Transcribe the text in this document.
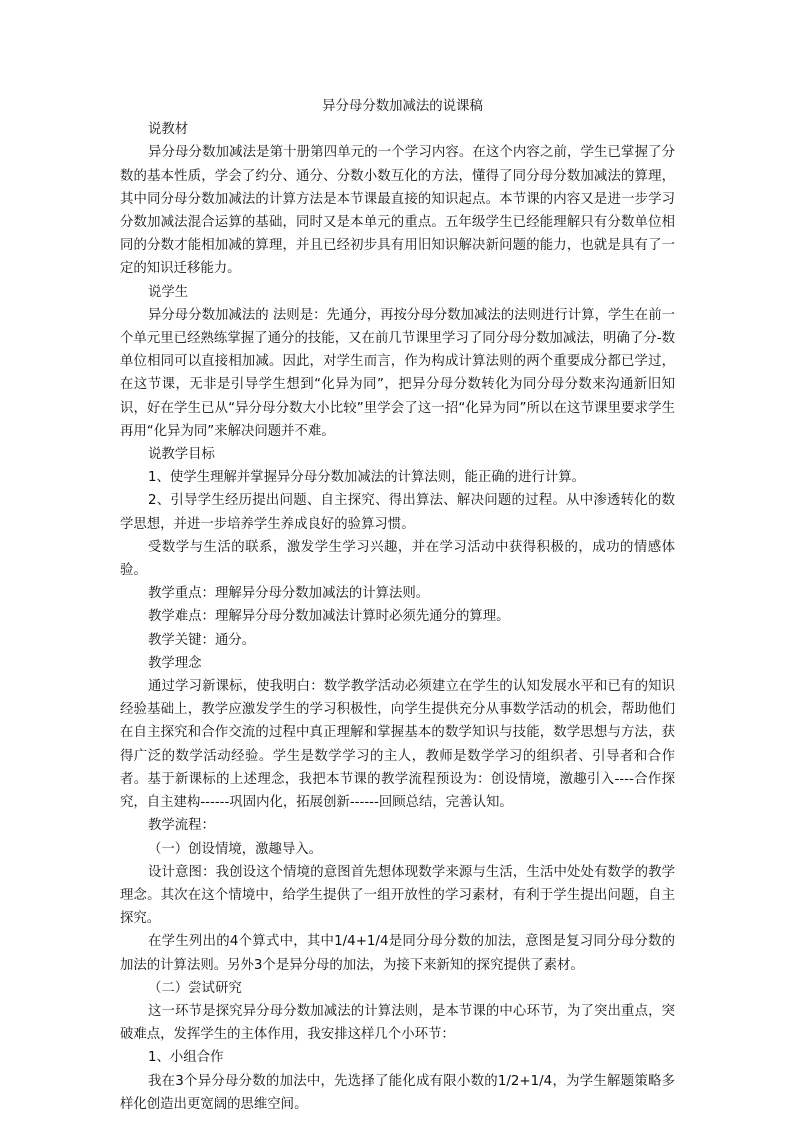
异分母分数加减法的说课稿

说教材

异分母分数加减法是第十册第四单元的一个学习内容。在这个内容之前，学生已掌握了分数的基本性质，学会了约分、通分、分数小数互化的方法，懂得了同分母分数加减法的算理， 其中同分母分数加减法的计算方法是本节课最直接的知识起点。本节课的内容又是进一步学习分数加减法混合运算的基础，同时又是本单元的重点。五年级学生已经能理解只有分数单位相同的分数才能相加减的算理，并且已经初步具有用旧知识解决新问题的能力，也就是具有了一定的知识迁移能力。

说学生

异分母分数加减法的 法则是：先通分，再按分母分数加减法的法则进行计算，学生在前一个单元里已经熟练掌握了通分的技能，又在前几节课里学习了同分母分数加减法，明确了分-数单位相同可以直接相加减。因此，对学生而言，作为构成计算法则的两个重要成分都已学过，在这节课，无非是引导学生想到“化异为同”，把异分母分数转化为同分母分数来沟通新旧知识，好在学生已从“异分母分数大小比较”里学会了这一招“化异为同”所以在这节课里要求学生再用“化异为同”来解决问题并不难。

说教学目标

1、使学生理解并掌握异分母分数加减法的计算法则，能正确的进行计算。

2、引导学生经历提出问题、自主探究、得出算法、解决问题的过程。从中渗透转化的数学思想，并进一步培养学生养成良好的验算习惯。

受数学与生活的联系，激发学生学习兴趣，并在学习活动中获得积极的，成功的情感体验。

教学重点：理解异分母分数加减法的计算法则。

教学难点：理解异分母分数加减法计算时必须先通分的算理。

教学关键：通分。

教学理念

通过学习新课标，使我明白：数学教学活动必须建立在学生的认知发展水平和已有的知识经验基础上，教学应激发学生的学习积极性，向学生提供充分从事数学活动的机会，帮助他们在自主探究和合作交流的过程中真正理解和掌握基本的数学知识与技能，数学思想与方法，获得广泛的数学活动经验。学生是数学学习的主人，教师是数学学习的组织者、引导者和合作者。基于新课标的上述理念，我把本节课的教学流程预设为：创设情境，激趣引入----合作探究，自主建构------巩固内化，拓展创新------回顾总结，完善认知。

教学流程：

（一）创设情境，激趣导入。

设计意图：我创设这个情境的意图首先想体现数学来源与生活，生活中处处有数学的教学理念。其次在这个情境中，给学生提供了一组开放性的学习素材，有利于学生提出问题，自主探究。

在学生列出的4个算式中，其中1/4+1/4是同分母分数的加法，意图是复习同分母分数的加法的计算法则。另外3个是异分母的加法，为接下来新知的探究提供了素材。

（二）尝试研究

这一环节是探究异分母分数加减法的计算法则，是本节课的中心环节，为了突出重点，突破难点，发挥学生的主体作用，我安排这样几个小环节：

1、小组合作

我在3个异分母分数的加法中，先选择了能化成有限小数的1/2+1/4，为学生解题策略多样化创造出更宽阔的思维空间。
